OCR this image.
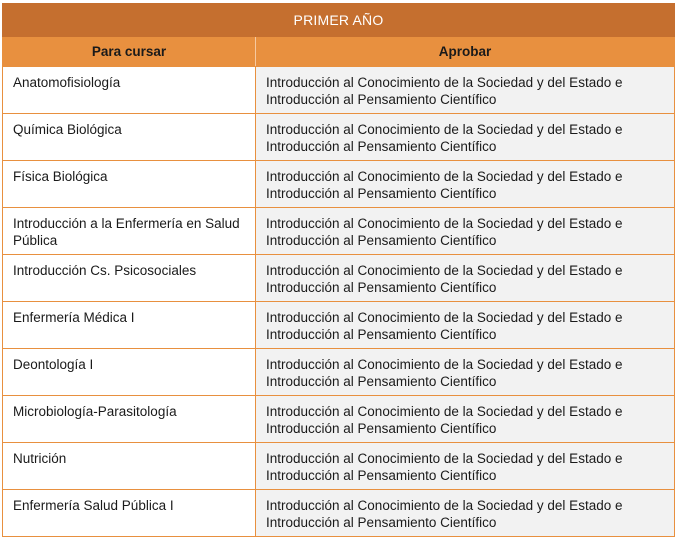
PRIMER AÑO	
Para cursar	Aprobar
Anatomofisiología	Introducción al Conocimiento de la Sociedad y del Estado e Introducción al Pensamiento Científico
Química Biológica	Introducción al Conocimiento de la Sociedad y del Estado e Introducción al Pensamiento Científico
Física Biológica	Introducción al Conocimiento de la Sociedad y del Estado e Introducción al Pensamiento Científico
Introducción a la Enfermería en Salud Pública	Introducción al Conocimiento de la Sociedad y del Estado e Introducción al Pensamiento Científico
Introducción Cs. Psicosociales	Introducción al Conocimiento de la Sociedad y del Estado e Introducción al Pensamiento Científico
Enfermería Médica I	Introducción al Conocimiento de la Sociedad y del Estado e Introducción al Pensamiento Científico
Deontología I	Introducción al Conocimiento de la Sociedad y del Estado e Introducción al Pensamiento Científico
Microbiología-Parasitología	Introducción al Conocimiento de la Sociedad y del Estado e Introducción al Pensamiento Científico
Nutrición	Introducción al Conocimiento de la Sociedad y del Estado e Introducción al Pensamiento Científico
Enfermería Salud Pública I	Introducción al Conocimiento de la Sociedad y del Estado e Introducción al Pensamiento Científico
